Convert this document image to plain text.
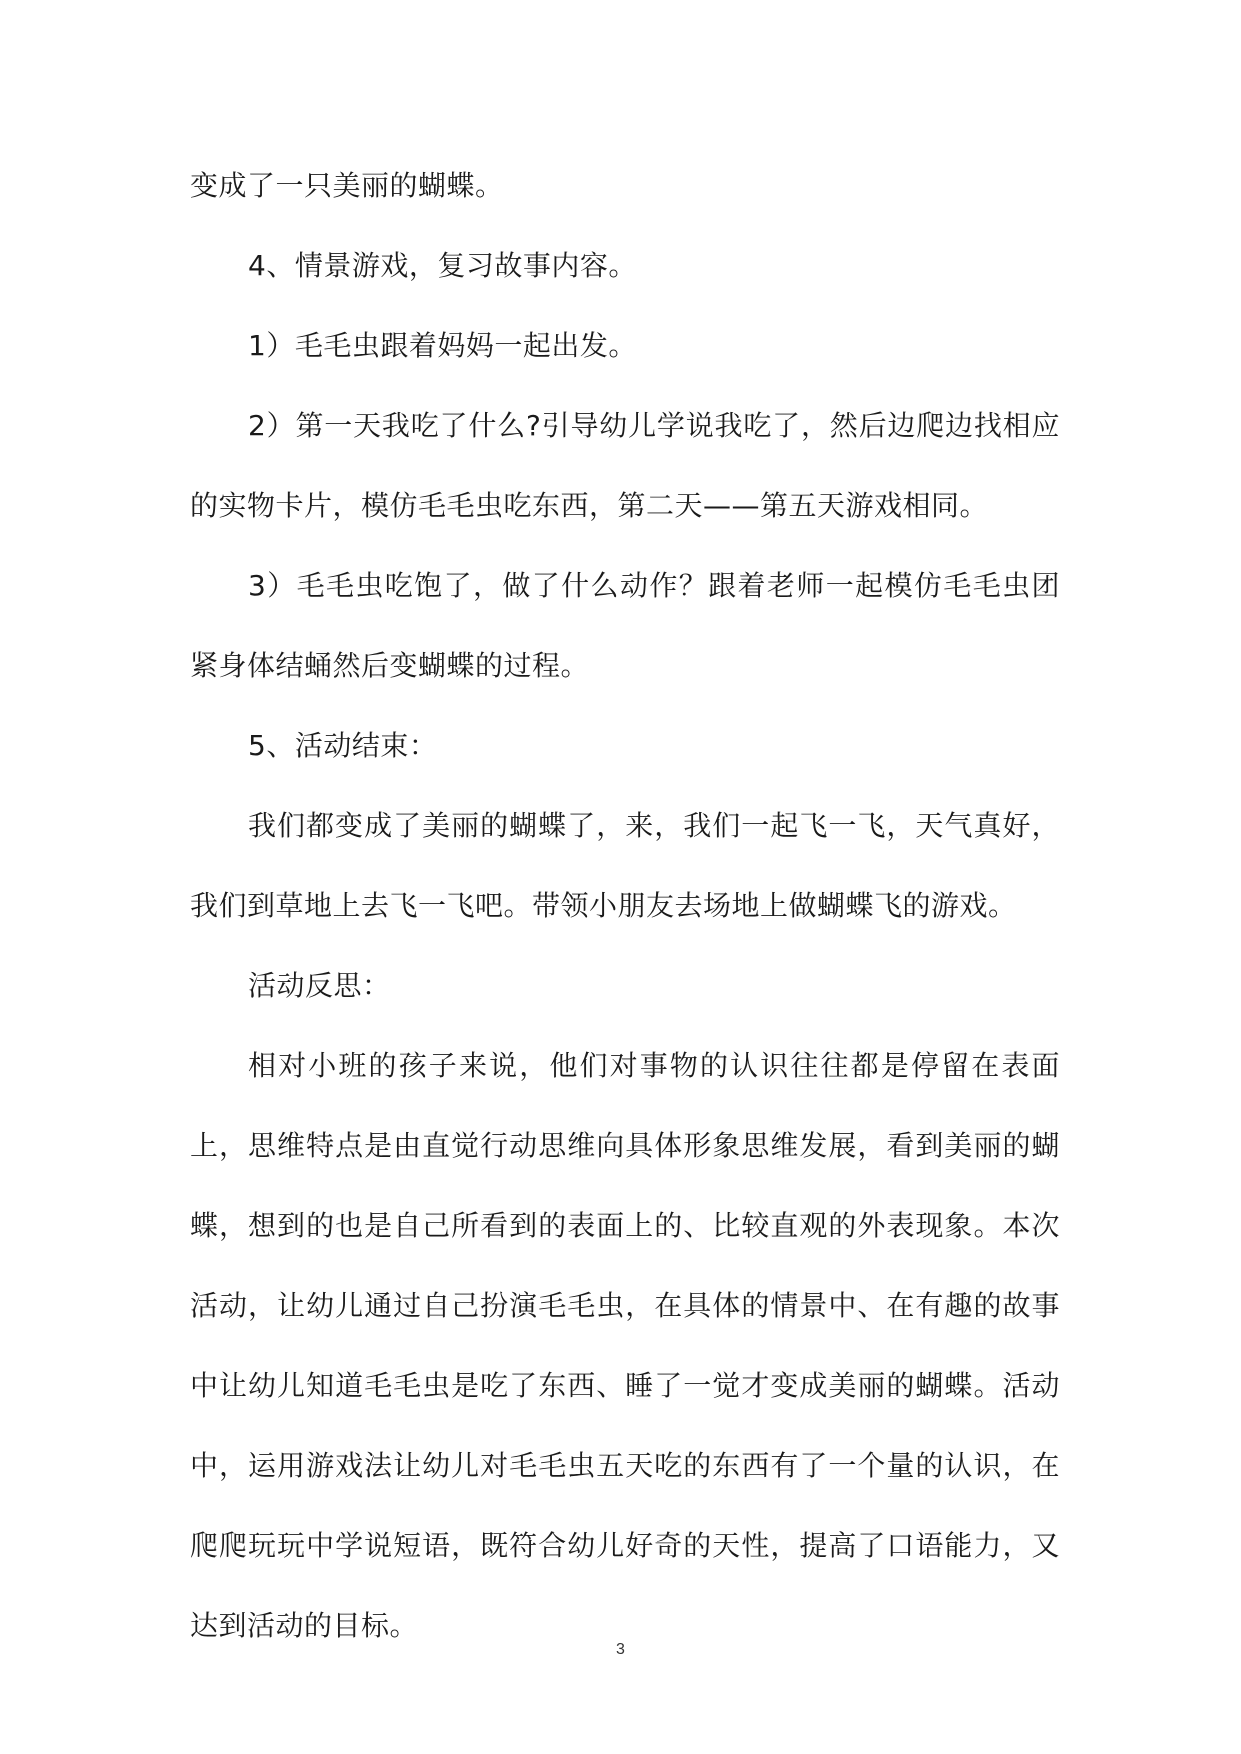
变成了一只美丽的蝴蝶。

4、情景游戏，复习故事内容。

1）毛毛虫跟着妈妈一起出发。

2）第一天我吃了什么?引导幼儿学说我吃了，然后边爬边找相应的实物卡片，模仿毛毛虫吃东西，第二天——第五天游戏相同。

3）毛毛虫吃饱了，做了什么动作？跟着老师一起模仿毛毛虫团紧身体结蛹然后变蝴蝶的过程。

5、活动结束：

我们都变成了美丽的蝴蝶了，来，我们一起飞一飞，天气真好，我们到草地上去飞一飞吧。带领小朋友去场地上做蝴蝶飞的游戏。

活动反思：

相对小班的孩子来说，他们对事物的认识往往都是停留在表面上，思维特点是由直觉行动思维向具体形象思维发展，看到美丽的蝴蝶，想到的也是自己所看到的表面上的、比较直观的外表现象。本次活动，让幼儿通过自己扮演毛毛虫，在具体的情景中、在有趣的故事中让幼儿知道毛毛虫是吃了东西、睡了一觉才变成美丽的蝴蝶。活动中，运用游戏法让幼儿对毛毛虫五天吃的东西有了一个量的认识，在爬爬玩玩中学说短语，既符合幼儿好奇的天性，提高了口语能力，又达到活动的目标。

3
